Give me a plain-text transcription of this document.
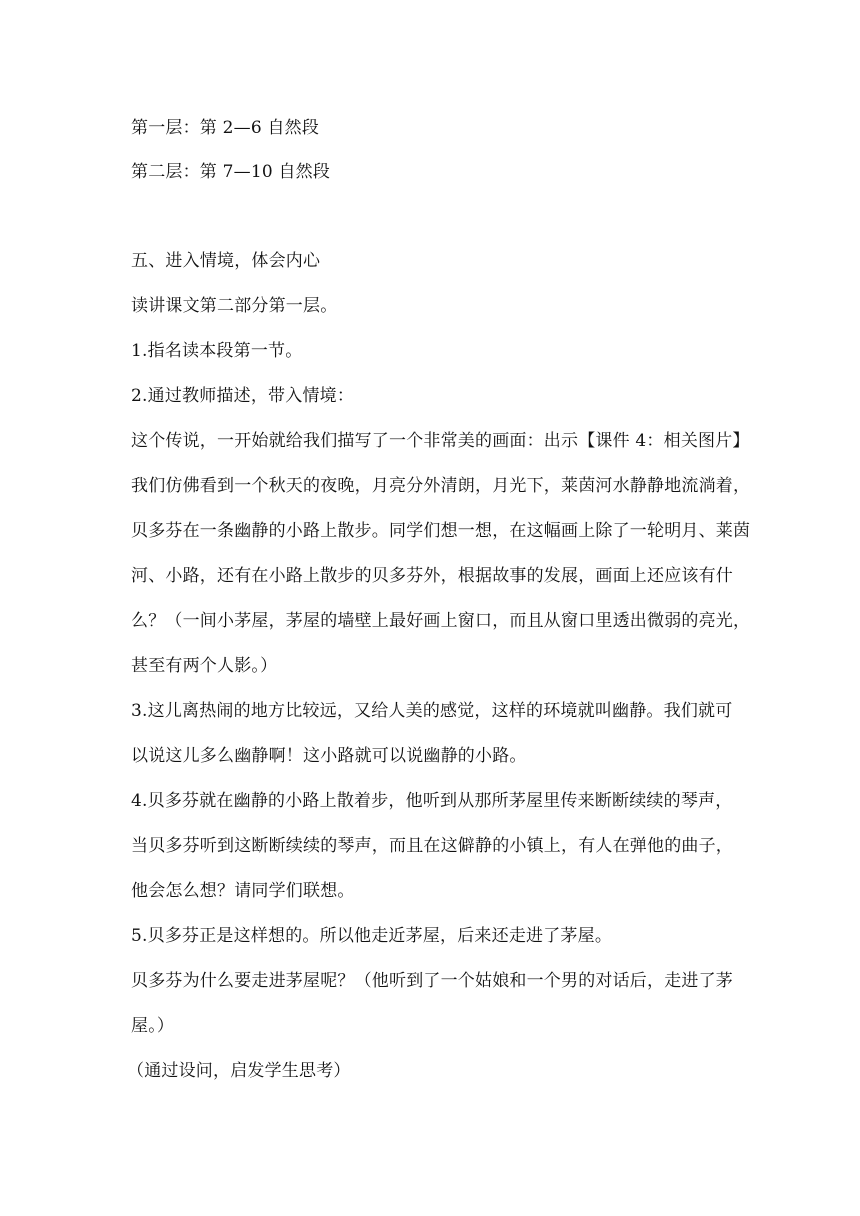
第一层：第 2—6 自然段

第二层：第 7—10 自然段

五、进入情境，体会内心

读讲课文第二部分第一层。

1.指名读本段第一节。

2.通过教师描述，带入情境：

这个传说，一开始就给我们描写了一个非常美的画面：出示【课件 4：相关图片】

我们仿佛看到一个秋天的夜晚，月亮分外清朗，月光下，莱茵河水静静地流淌着，

贝多芬在一条幽静的小路上散步。同学们想一想，在这幅画上除了一轮明月、莱茵

河、小路，还有在小路上散步的贝多芬外，根据故事的发展，画面上还应该有什

么？（一间小茅屋，茅屋的墙壁上最好画上窗口，而且从窗口里透出微弱的亮光，

甚至有两个人影。）

3.这儿离热闹的地方比较远，又给人美的感觉，这样的环境就叫幽静。我们就可

以说这儿多么幽静啊！这小路就可以说幽静的小路。

4.贝多芬就在幽静的小路上散着步，他听到从那所茅屋里传来断断续续的琴声，

当贝多芬听到这断断续续的琴声，而且在这僻静的小镇上，有人在弹他的曲子，

他会怎么想？请同学们联想。

5.贝多芬正是这样想的。所以他走近茅屋，后来还走进了茅屋。

贝多芬为什么要走进茅屋呢？（他听到了一个姑娘和一个男的对话后，走进了茅

屋。）

（通过设问，启发学生思考）
